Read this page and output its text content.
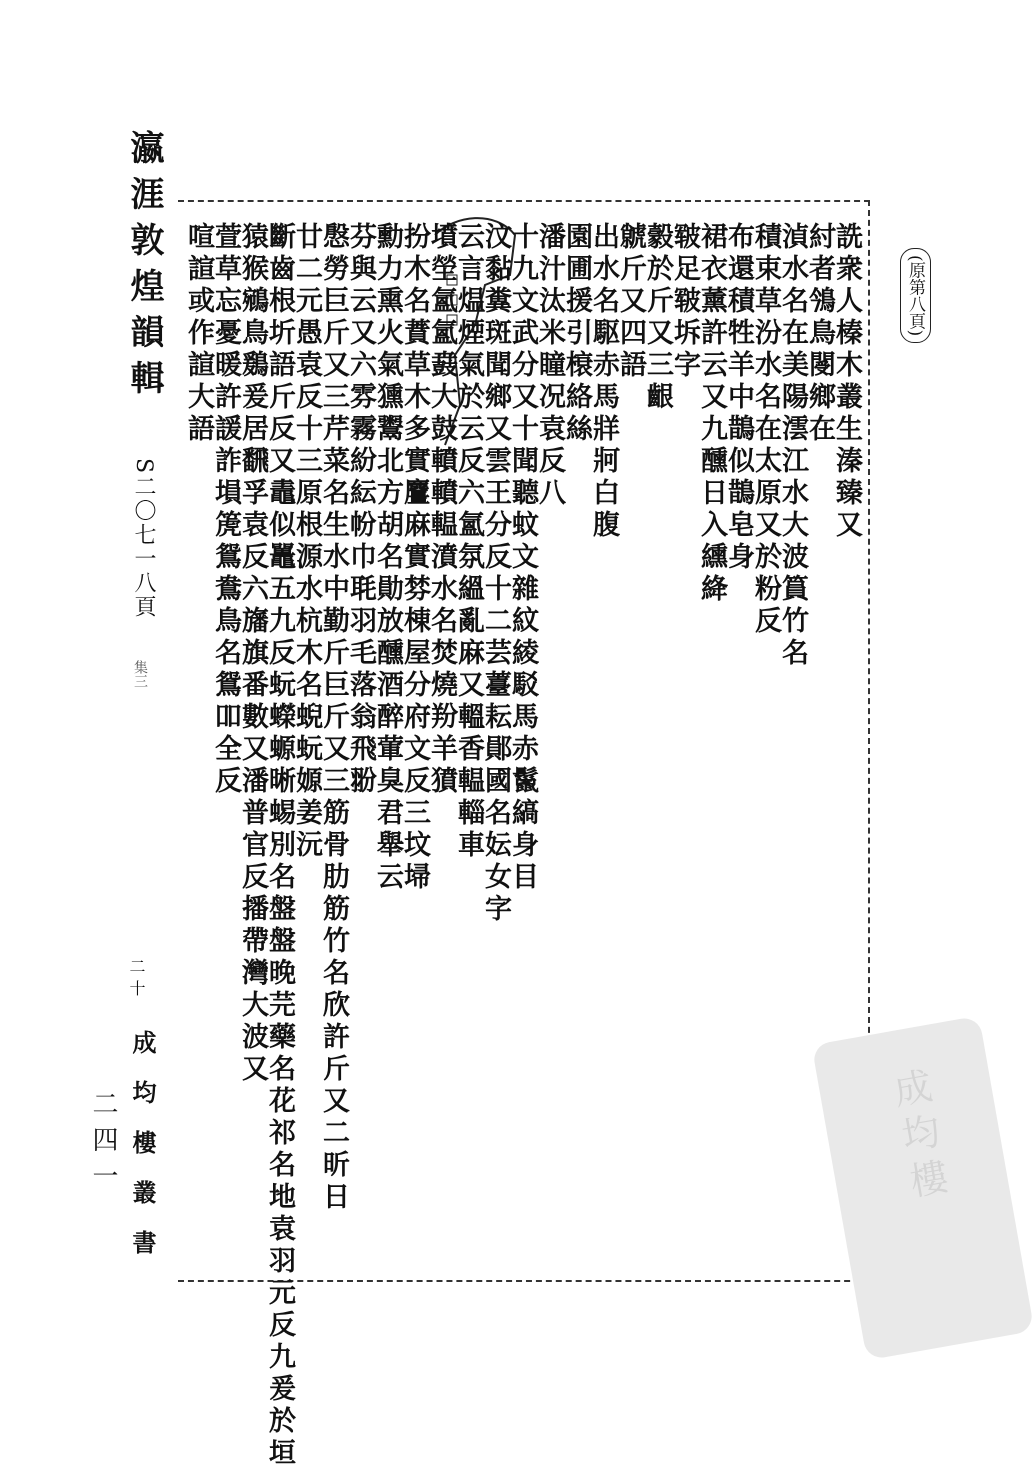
瀛涯敦煌韻輯
S二〇七一八頁
集三
二十
成均樓叢書
二四一
(原第八頁)
詵衆人榛木叢生溱臻又
紂者鳹鳥閿鄉在
湞水名在美陽澐江水大波篔竹名
積束草汾水名在太原又於粉反
布還積牲羊中鵲似鵲皂身
裙衣薰許云又九醺日入纁絳
皲足皲坼字
豰於斤又三齦
虩斤又四語
出水名駆赤馬牂牁白腹
園圃援引榱絡絲
潘汁汰米瞳况袁反八
十九文武分又十聞聽蚊文雜紋綾駁馬赤鬣縞身目
汶黏糞斑聞鄉又雲王分反十二芸薹耘鄖國名妘女字
云言煴煙氣於云反六氳氛縕亂麻又轀香輼輜車
墳塋氳氳鼖大鼓轒轒輼濆水名焚燒羒羊獖
扮木名蕡草木多實麠麻實棼棟屋分府文反三坟埽
勳力熏火氣獯鬻北方胡名勛放醺酒醉葷臭君舉云
芬與云又六雰霧紛紜帉巾毦羽毛落翁飛翂
慇勞巨斤又三芹菜名生水中勤斤巨斤又三筋骨肋筋竹名欣許斤又二昕日
廿二元愚袁反十三原根源水杭木名蜺蚖嫄姜沅
斷齒根圻語斤反又鼃似鼉五九反蚖蠑螈晰蜴別名盤盤晚芫藥名花祁名地袁羽元反九爰於垣
猿猴鵷鳥鶢爰居飜孚袁反六旛旗番數又潘普官反播帶灣大波又
萱草忘憂暖許諼詐塤箎鴛鴦鳥名鴛吅全反
喧諠或作諠大語
成均樓
